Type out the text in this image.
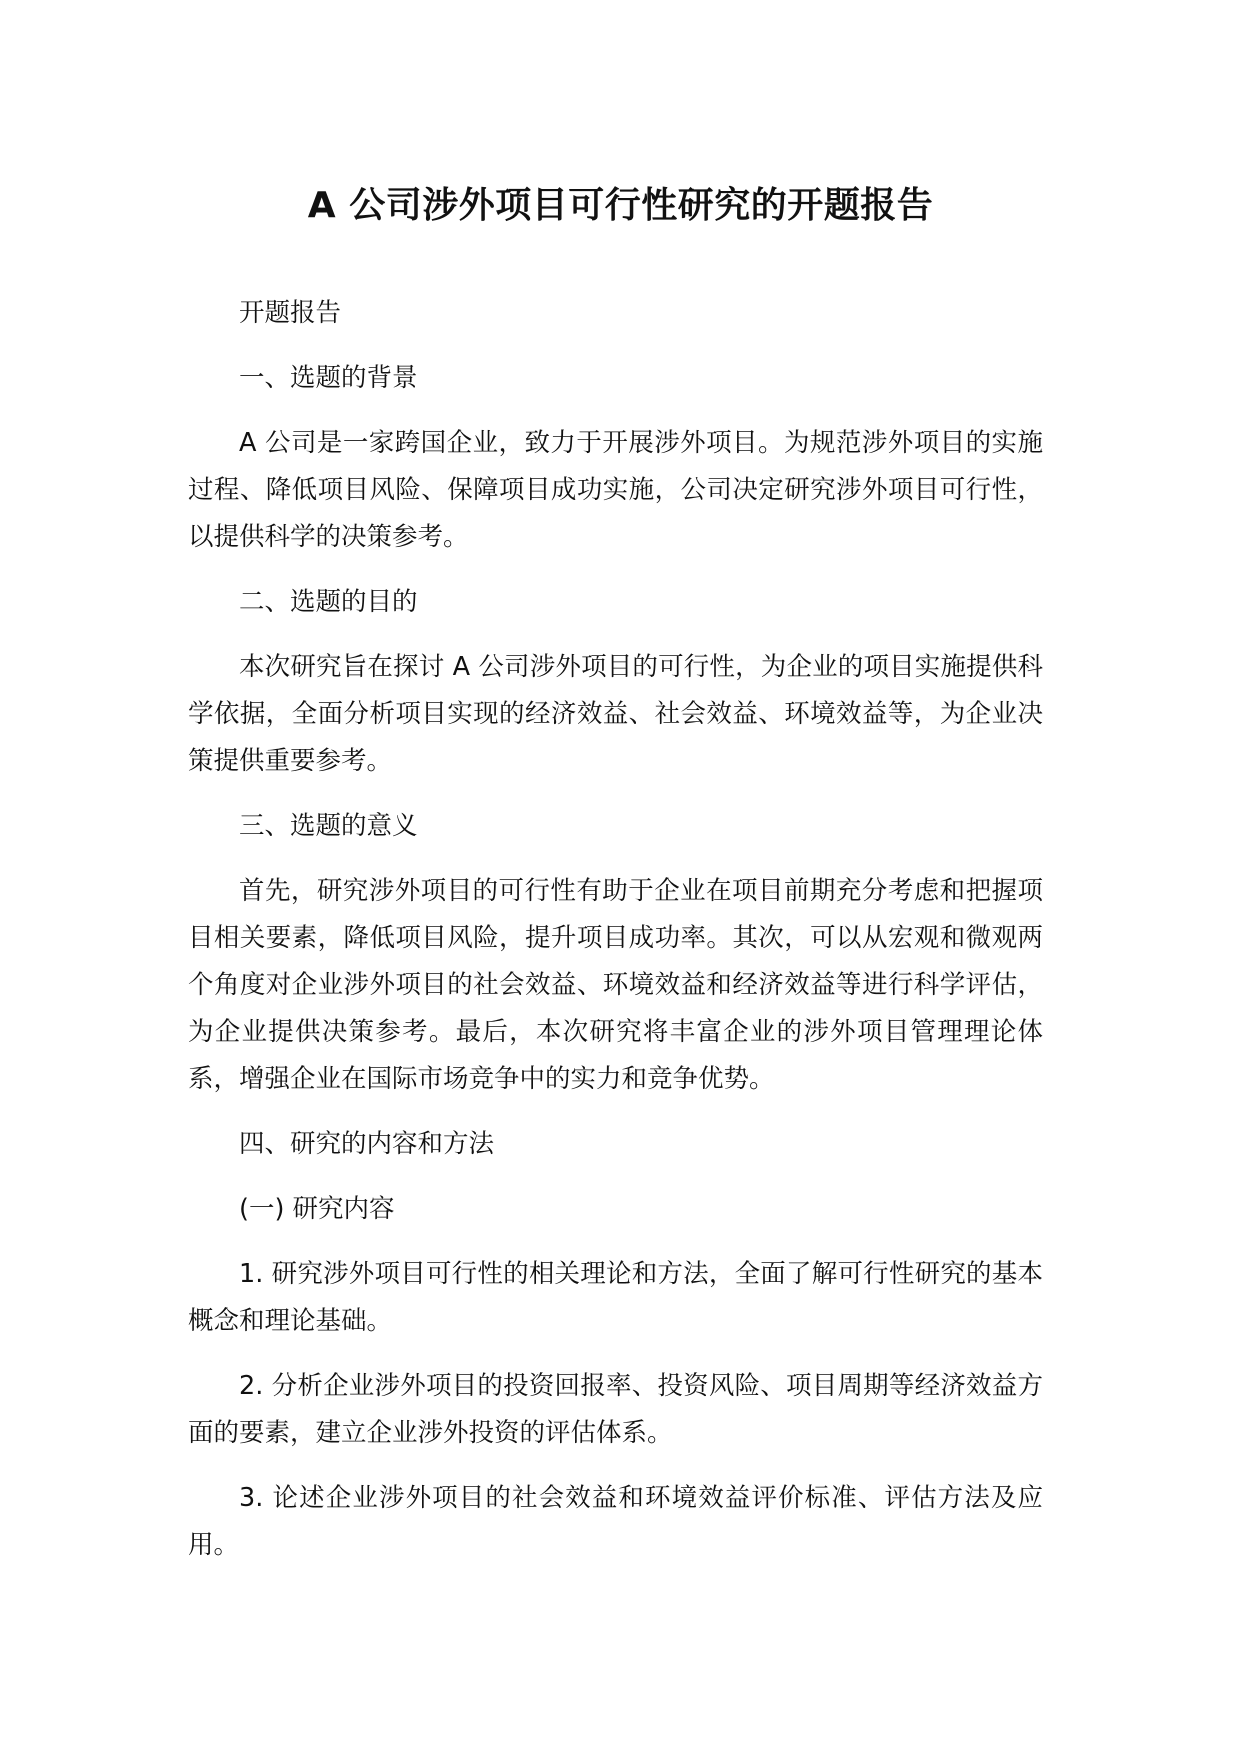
A 公司涉外项目可行性研究的开题报告

开题报告

一、选题的背景

A 公司是一家跨国企业，致力于开展涉外项目。为规范涉外项目的实施过程、降低项目风险、保障项目成功实施，公司决定研究涉外项目可行性，以提供科学的决策参考。

二、选题的目的

本次研究旨在探讨 A 公司涉外项目的可行性，为企业的项目实施提供科学依据，全面分析项目实现的经济效益、社会效益、环境效益等，为企业决策提供重要参考。

三、选题的意义

首先，研究涉外项目的可行性有助于企业在项目前期充分考虑和把握项目相关要素，降低项目风险，提升项目成功率。其次，可以从宏观和微观两个角度对企业涉外项目的社会效益、环境效益和经济效益等进行科学评估，为企业提供决策参考。最后，本次研究将丰富企业的涉外项目管理理论体系，增强企业在国际市场竞争中的实力和竞争优势。

四、研究的内容和方法

(一) 研究内容

1. 研究涉外项目可行性的相关理论和方法，全面了解可行性研究的基本概念和理论基础。

2. 分析企业涉外项目的投资回报率、投资风险、项目周期等经济效益方面的要素，建立企业涉外投资的评估体系。

3. 论述企业涉外项目的社会效益和环境效益评价标准、评估方法及应用。
